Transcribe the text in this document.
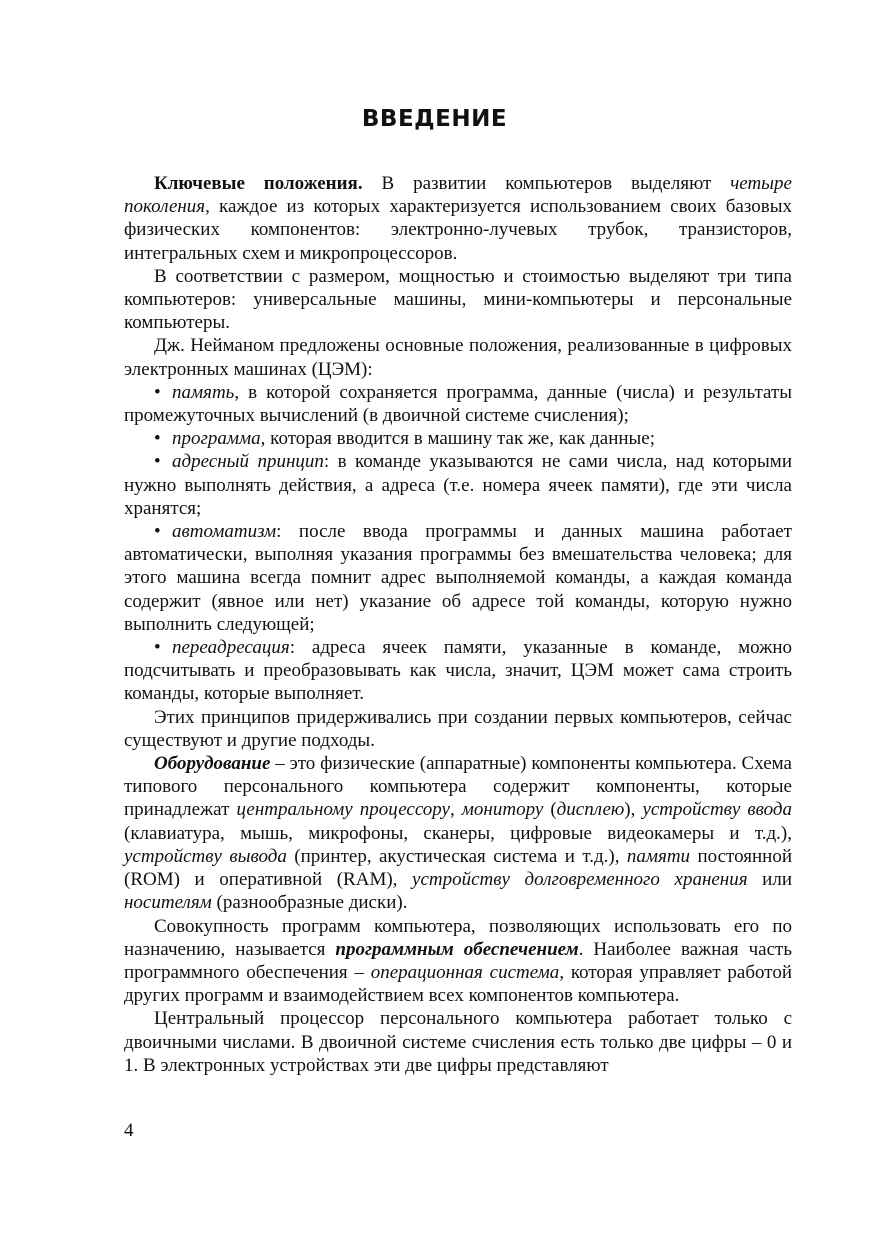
ВВЕДЕНИЕ

Ключевые положения. В развитии компьютеров выделяют четыре поколения, каждое из которых характеризуется использованием своих базовых физических компонентов: электронно-лучевых трубок, транзисторов, интегральных схем и микропроцессоров.

В соответствии с размером, мощностью и стоимостью выделяют три типа компьютеров: универсальные машины, мини-компьютеры и персональные компьютеры.

Дж. Нейманом предложены основные положения, реализованные в цифровых электронных машинах (ЦЭМ):

• память, в которой сохраняется программа, данные (числа) и результаты промежуточных вычислений (в двоичной системе счисления);

• программа, которая вводится в машину так же, как данные;

• адресный принцип: в команде указываются не сами числа, над которыми нужно выполнять действия, а адреса (т.е. номера ячеек памяти), где эти числа хранятся;

• автоматизм: после ввода программы и данных машина работает автоматически, выполняя указания программы без вмешательства человека; для этого машина всегда помнит адрес выполняемой команды, а каждая команда содержит (явное или нет) указание об адресе той команды, которую нужно выполнить следующей;

• переадресация: адреса ячеек памяти, указанные в команде, можно подсчитывать и преобразовывать как числа, значит, ЦЭМ может сама строить команды, которые выполняет.

Этих принципов придерживались при создании первых компьютеров, сейчас существуют и другие подходы.

Оборудование – это физические (аппаратные) компоненты компьютера. Схема типового персонального компьютера содержит компоненты, которые принадлежат центральному процессору, монитору (дисплею), устройству ввода (клавиатура, мышь, микрофоны, сканеры, цифровые видеокамеры и т.д.), устройству вывода (принтер, акустическая система и т.д.), памяти постоянной (ROM) и оперативной (RAM), устройству долговременного хранения или носителям (разнообразные диски).

Совокупность программ компьютера, позволяющих использовать его по назначению, называется программным обеспечением. Наиболее важная часть программного обеспечения – операционная система, которая управляет работой других программ и взаимодействием всех компонентов компьютера.

Центральный процессор персонального компьютера работает только с двоичными числами. В двоичной системе счисления есть только две цифры – 0 и 1. В электронных устройствах эти две цифры представляют

4
